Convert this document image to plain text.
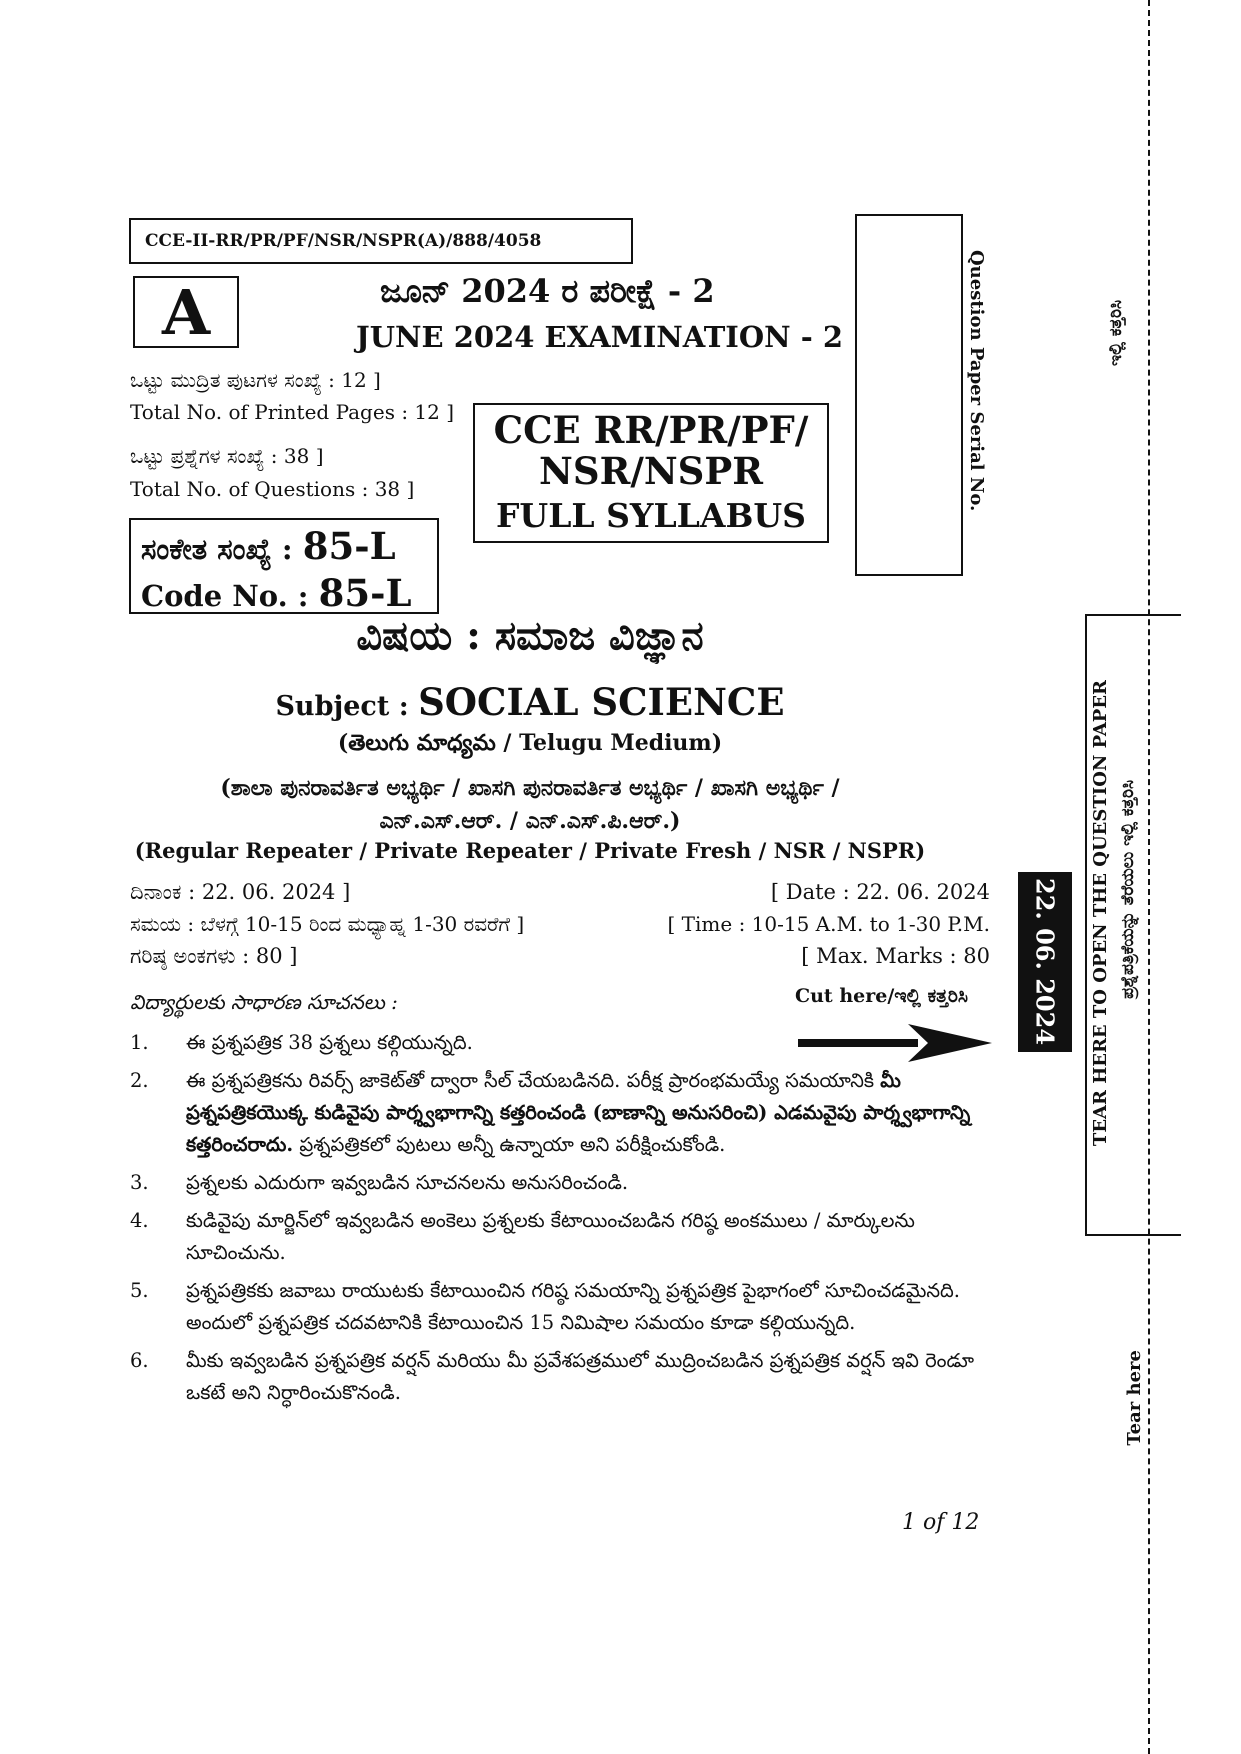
CCE-II-RR/PR/PF/NSR/NSPR(A)/888/4058
A	ಜೂನ್ 2024 ರ ಪರೀಕ್ಷೆ - 2
JUNE 2024 EXAMINATION - 2
ಒಟ್ಟು ಮುದ್ರಿತ ಪುಟಗಳ ಸಂಖ್ಯೆ : 12 ]
Total No. of Printed Pages : 12 ]
ಒಟ್ಟು ಪ್ರಶ್ನೆಗಳ ಸಂಖ್ಯೆ : 38 ]
Total No. of Questions : 38 ]
CCE RR/PR/PF/
NSR/NSPR
FULL SYLLABUS
ಸಂಕೇತ ಸಂಖ್ಯೆ : 85-L
Code No. : 85-L
ವಿಷಯ : ಸಮಾಜ ವಿಜ್ಞಾನ
Subject : SOCIAL SCIENCE
(తెలుగు మాధ్యమ / Telugu Medium)
(ಶಾಲಾ ಪುನರಾವರ್ತಿತ ಅಭ್ಯರ್ಥಿ / ಖಾಸಗಿ ಪುನರಾವರ್ತಿತ ಅಭ್ಯರ್ಥಿ / ಖಾಸಗಿ ಅಭ್ಯರ್ಥಿ /
ಎನ್.ಎಸ್.ಆರ್. / ಎನ್.ಎಸ್.ಪಿ.ಆರ್.)
(Regular Repeater / Private Repeater / Private Fresh / NSR / NSPR)
ದಿನಾಂಕ : 22. 06. 2024 ]	[ Date : 22. 06. 2024
ಸಮಯ : ಬೆಳಗ್ಗೆ 10-15 ರಿಂದ ಮಧ್ಯಾಹ್ನ 1-30 ರವರೆಗೆ ]	[ Time : 10-15 A.M. to 1-30 P.M.
ಗರಿಷ್ಠ ಅಂಕಗಳು : 80 ]	[ Max. Marks : 80
విద్యార్థులకు సాధారణ సూచనలు :	Cut here/ಇಲ್ಲಿ ಕತ್ತರಿಸಿ
1.	ఈ ప్రశ్నపత్రిక 38 ప్రశ్నలు కల్గియున్నది.
2.	ఈ ప్రశ్నపత్రికను రివర్స్ జాకెట్‌తో ద్వారా సీల్ చేయబడినది. పరీక్ష ప్రారంభమయ్యే సమయానికి మీ ప్రశ్నపత్రికయొక్క కుడివైపు పార్శ్వభాగాన్ని కత్తరించండి (బాణాన్ని అనుసరించి) ఎడమవైపు పార్శ్వభాగాన్ని కత్తరించరాదు. ప్రశ్నపత్రికలో పుటలు అన్నీ ఉన్నాయా అని పరీక్షించుకోండి.
3.	ప్రశ్నలకు ఎదురుగా ఇవ్వబడిన సూచనలను అనుసరించండి.
4.	కుడివైపు మార్జిన్‌లో ఇవ్వబడిన అంకెలు ప్రశ్నలకు కేటాయించబడిన గరిష్ఠ అంకములు / మార్కులను సూచించును.
5.	ప్రశ్నపత్రికకు జవాబు రాయుటకు కేటాయించిన గరిష్ఠ సమయాన్ని ప్రశ్నపత్రిక పైభాగంలో సూచించడమైనది. అందులో ప్రశ్నపత్రిక చదవటానికి కేటాయించిన 15 నిమిషాల సమయం కూడా కల్గియున్నది.
6.	మీకు ఇవ్వబడిన ప్రశ్నపత్రిక వర్షన్ మరియు మీ ప్రవేశపత్రములో ముద్రించబడిన ప్రశ్నపత్రిక వర్షన్ ఇవి రెండూ ఒకటే అని నిర్ధారించుకొనండి.
1 of 12
Question Paper Serial No.	ಇಲ್ಲಿ ಕತ್ತರಿಸಿ
TEAR HERE TO OPEN THE QUESTION PAPER ಪ್ರಶ್ನೆಪತ್ರಿಕೆಯನ್ನು ತೆರೆಯಲು ಇಲ್ಲಿ ಕತ್ತರಿಸಿ
22. 06. 2024
Tear here
